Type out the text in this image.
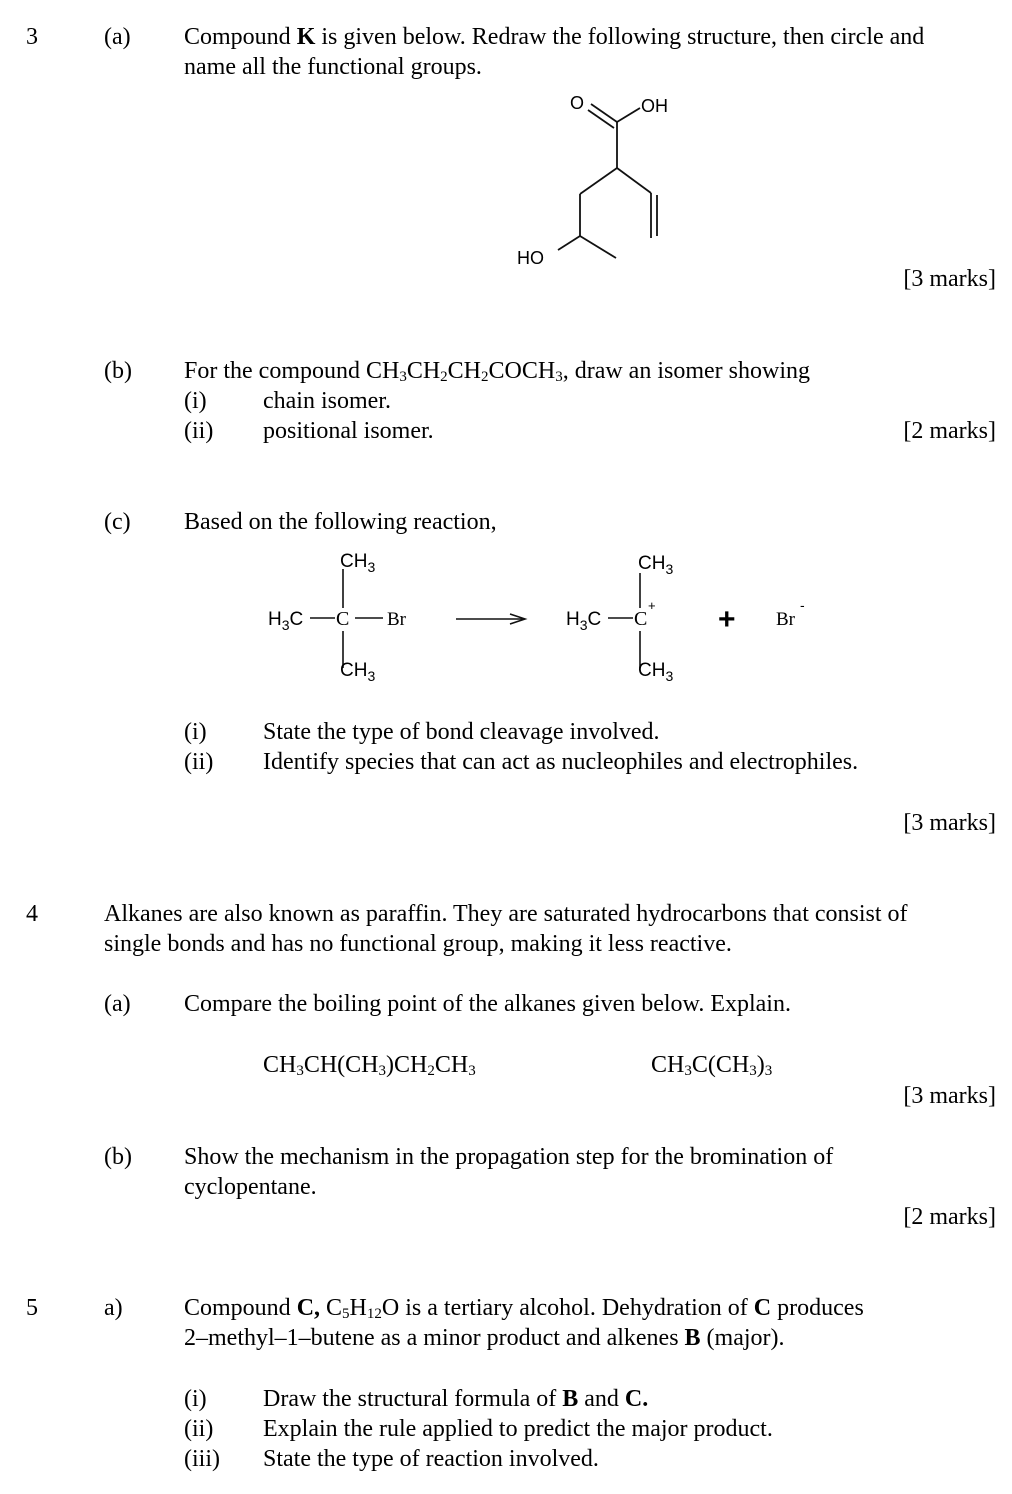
3	(a) Compound K is given below. Redraw the following structure, then circle and
name all the functional groups.
O	OH
HO
[3 marks]
(b) For the compound $CH_3CH_2CH_2COCH_3$, draw an isomer showing
(i) chain isomer.
(ii) positional isomer.	[2 marks]
(c) Based on the following reaction,
$CH_3$
$H_3C$ C Br
$CH_3$
$CH_3$
$H_3C$ C
+
$CH_3$
+ Br
-
(i) State the type of bond cleavage involved.
(ii) Identify species that can act as nucleophiles and electrophiles.
[3 marks]
4	Alkanes are also known as paraffin. They are saturated hydrocarbons that consist of
single bonds and has no functional group, making it less reactive.
(a) Compare the boiling point of the alkanes given below. Explain.
$CH_3CH(CH_3)CH_2CH_3$	$CH_3C(CH_3)_3$
[3 marks]
(b) Show the mechanism in the propagation step for the bromination of
cyclopentane.
[2 marks]
5	a)	Compound C, $C_5H_{12}O$ is a tertiary alcohol. Dehydration of C produces
2–methyl–1–butene as a minor product and alkenes B (major).
(i) Draw the structural formula of B and C.
(ii) Explain the rule applied to predict the major product.
(iii) State the type of reaction involved.
